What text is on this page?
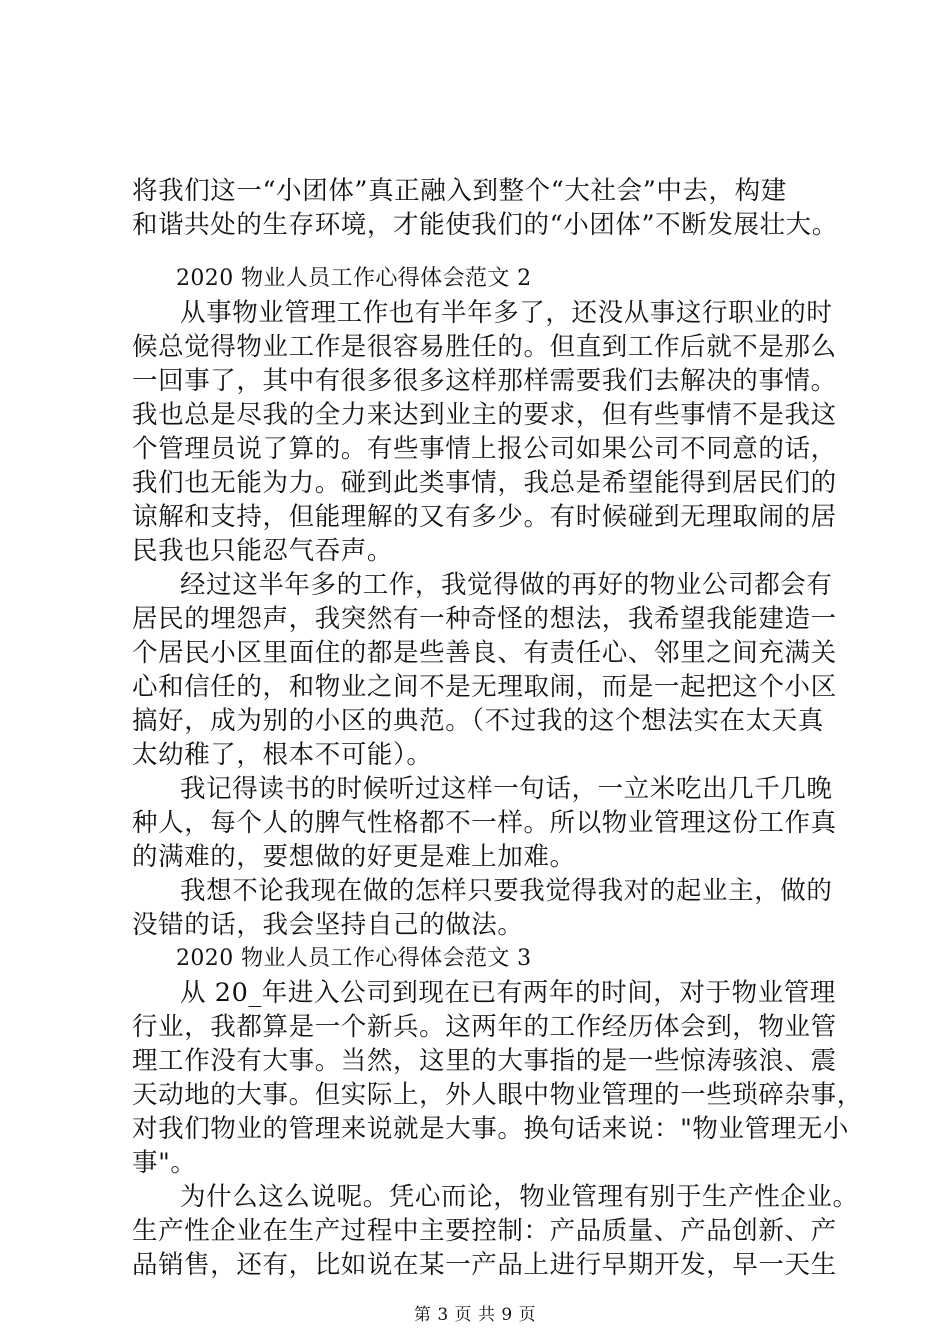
将我们这一“小团体”真正融入到整个“大社会”中去，构建
和谐共处的生存环境，才能使我们的“小团体”不断发展壮大。
2020 物业人员工作心得体会范文 2
从事物业管理工作也有半年多了，还没从事这行职业的时
候总觉得物业工作是很容易胜任的。但直到工作后就不是那么
一回事了，其中有很多很多这样那样需要我们去解决的事情。
我也总是尽我的全力来达到业主的要求，但有些事情不是我这
个管理员说了算的。有些事情上报公司如果公司不同意的话，
我们也无能为力。碰到此类事情，我总是希望能得到居民们的
谅解和支持，但能理解的又有多少。有时候碰到无理取闹的居
民我也只能忍气吞声。
经过这半年多的工作，我觉得做的再好的物业公司都会有
居民的埋怨声，我突然有一种奇怪的想法，我希望我能建造一
个居民小区里面住的都是些善良、有责任心、邻里之间充满关
心和信任的，和物业之间不是无理取闹，而是一起把这个小区
搞好，成为别的小区的典范。（不过我的这个想法实在太天真
太幼稚了，根本不可能）。
我记得读书的时候听过这样一句话，一立米吃出几千几晚
种人，每个人的脾气性格都不一样。所以物业管理这份工作真
的满难的，要想做的好更是难上加难。
我想不论我现在做的怎样只要我觉得我对的起业主，做的
没错的话，我会坚持自己的做法。
2020 物业人员工作心得体会范文 3
从 20_年进入公司到现在已有两年的时间，对于物业管理
行业，我都算是一个新兵。这两年的工作经历体会到，物业管
理工作没有大事。当然，这里的大事指的是一些惊涛骇浪、震
天动地的大事。但实际上，外人眼中物业管理的一些琐碎杂事，
对我们物业的管理来说就是大事。换句话来说："物业管理无小
事"。
为什么这么说呢。凭心而论，物业管理有别于生产性企业。
生产性企业在生产过程中主要控制：产品质量、产品创新、产
品销售，还有，比如说在某一产品上进行早期开发，早一天生
第 3 页 共 9 页
